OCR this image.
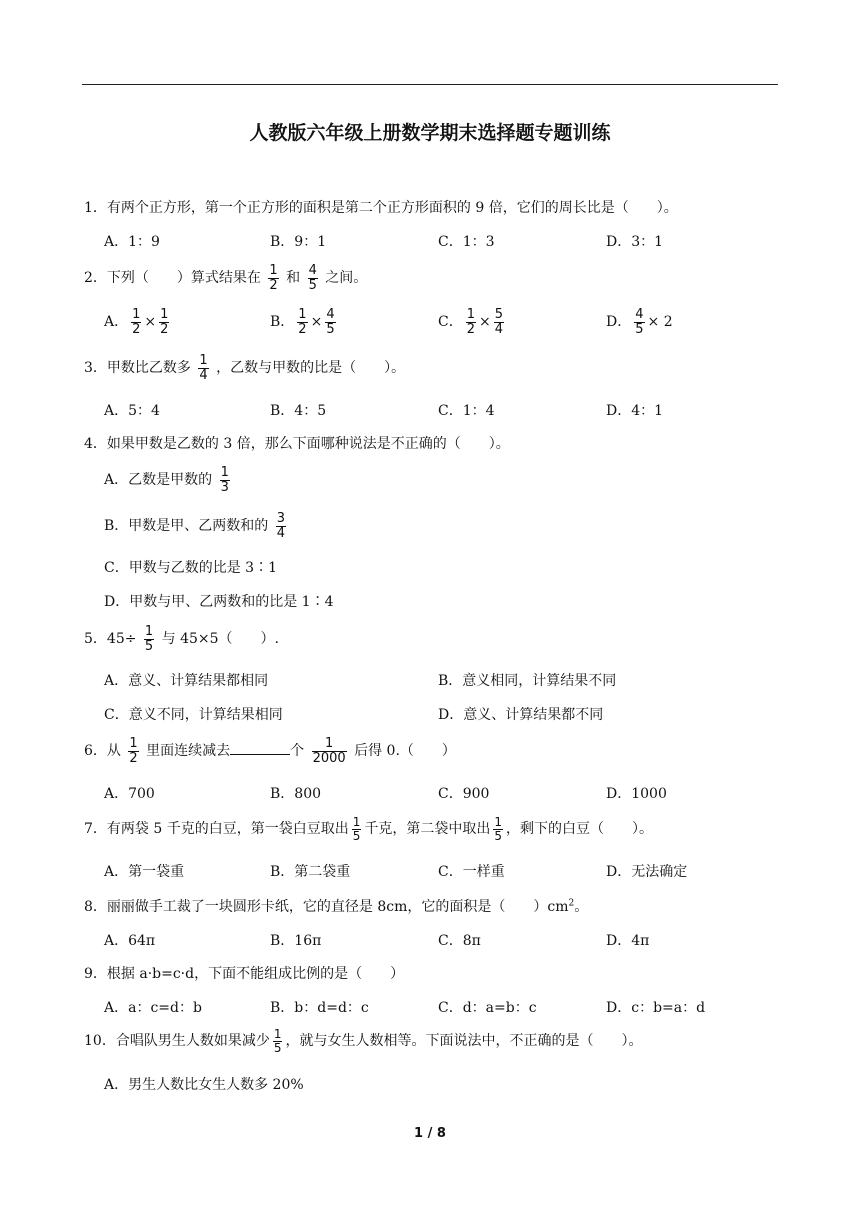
人教版六年级上册数学期末选择题专题训练
1．有两个正方形，第一个正方形的面积是第二个正方形面积的 9 倍，它们的周长比是（　　）。
A．1：9	B．9：1	C．1：3	D．3：1
2．下列（　　）算式结果在 $\frac{1}{2}$ 和 $\frac{4}{5}$ 之间。
A． $\frac{1}{2} \times \frac{1}{2}$	B． $\frac{1}{2} \times \frac{4}{5}$	C． $\frac{1}{2} \times \frac{5}{4}$	D． $\frac{4}{5} \times 2$
3．甲数比乙数多 $\frac{1}{4}$ ，乙数与甲数的比是（　　）。
A．5：4	B．4：5	C．1：4	D．4：1
4．如果甲数是乙数的 3 倍，那么下面哪种说法是不正确的（　　）。
A．乙数是甲数的 $\frac{1}{3}$
B．甲数是甲、乙两数和的 $\frac{3}{4}$
C．甲数与乙数的比是 3∶1
D．甲数与甲、乙两数和的比是 1∶4
5．$45\div \frac{1}{5}$ 与 45×5（　　）.
A．意义、计算结果都相同	B．意义相同，计算结果不同
C．意义不同，计算结果相同	D．意义、计算结果都不同
6．从 $\frac{1}{2}$ 里面连续减去	个 $\frac{1}{2000}$ 后得 0.（　　）
A．700	B．800	C．900	D．1000
7．有两袋 5 千克的白豆，第一袋白豆取出 $\frac{1}{5}$ 千克，第二袋中取出 $\frac{1}{5}$ ，剩下的白豆（　　）。
A．第一袋重	B．第二袋重	C．一样重	D．无法确定
8．丽丽做手工裁了一块圆形卡纸，它的直径是 8cm，它的面积是（　　）$cm^2$。
A．64π	B．16π	C．8π	D．4π
9．根据 a·b=c·d，下面不能组成比例的是（　　）
A．a：c=d：b	B．b：d=d：c	C．d：a=b：c	D．c：b=a：d
10．合唱队男生人数如果减少 $\frac{1}{5}$ ，就与女生人数相等。下面说法中，不正确的是（　　）。
A．男生人数比女生人数多 20%
1 / 8
